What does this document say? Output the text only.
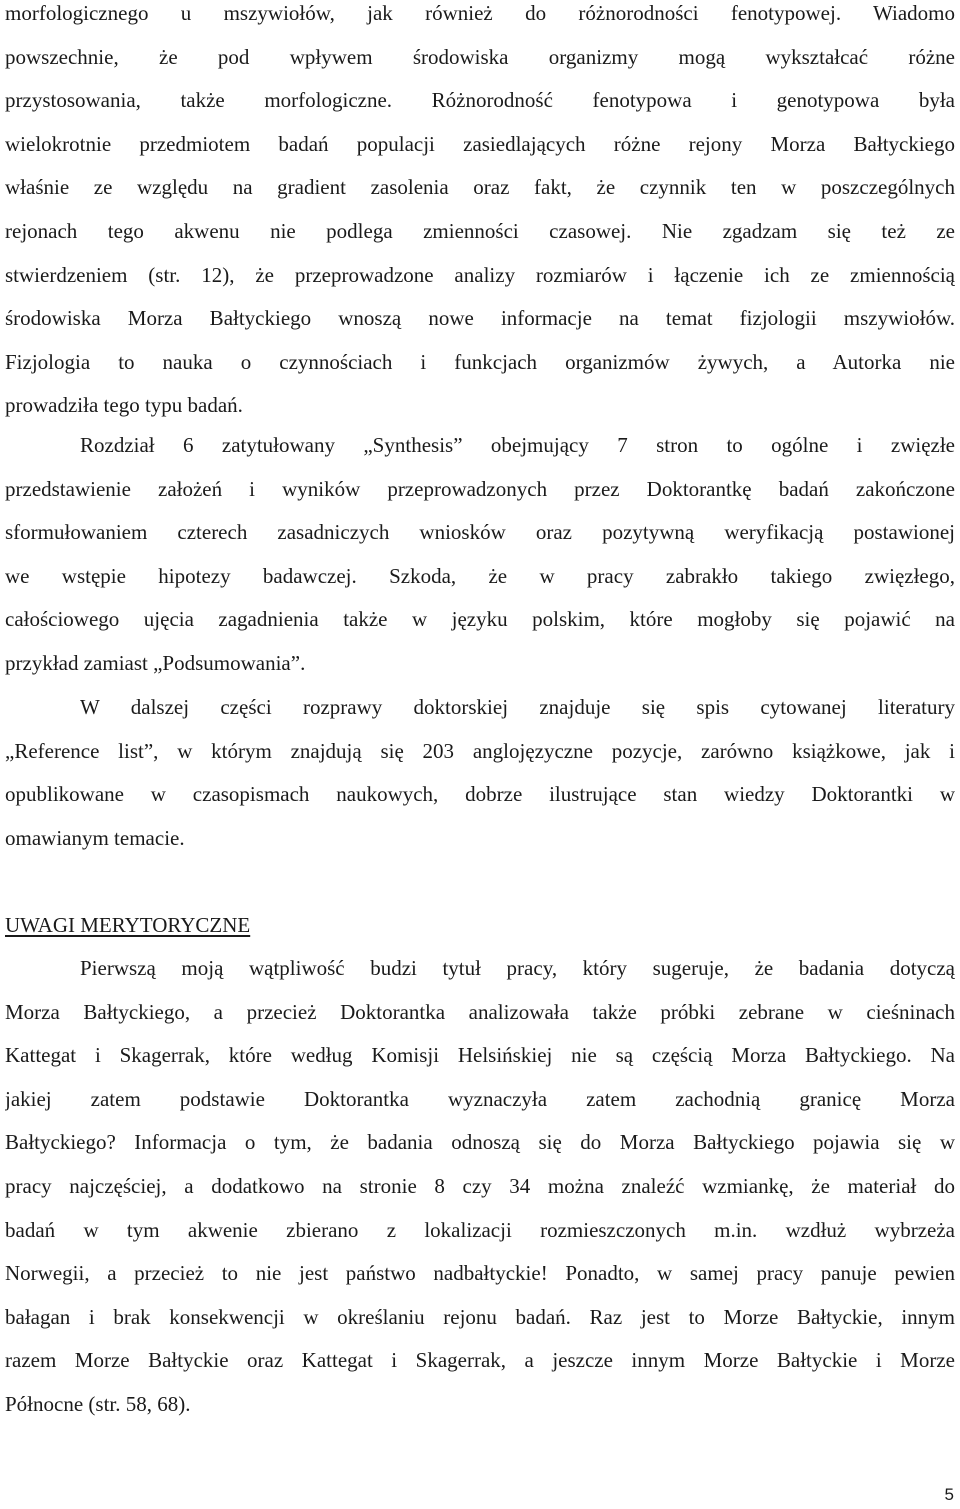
morfologicznego u mszywiołów, jak również do różnorodności fenotypowej. Wiadomo
powszechnie, że pod wpływem środowiska organizmy mogą wykształcać różne
przystosowania, także morfologiczne. Różnorodność fenotypowa i genotypowa była
wielokrotnie przedmiotem badań populacji zasiedlających różne rejony Morza Bałtyckiego
właśnie ze względu na gradient zasolenia oraz fakt, że czynnik ten w poszczególnych
rejonach tego akwenu nie podlega zmienności czasowej. Nie zgadzam się też ze
stwierdzeniem (str. 12), że przeprowadzone analizy rozmiarów i łączenie ich ze zmiennością
środowiska Morza Bałtyckiego wnoszą nowe informacje na temat fizjologii mszywiołów.
Fizjologia to nauka o czynnościach i funkcjach organizmów żywych, a Autorka nie
prowadziła tego typu badań.
Rozdział 6 zatytułowany „Synthesis” obejmujący 7 stron to ogólne i zwięzłe
przedstawienie założeń i wyników przeprowadzonych przez Doktorantkę badań zakończone
sformułowaniem czterech zasadniczych wniosków oraz pozytywną weryfikacją postawionej
we wstępie hipotezy badawczej. Szkoda, że w pracy zabrakło takiego zwięzłego,
całościowego ujęcia zagadnienia także w języku polskim, które mogłoby się pojawić na
przykład zamiast „Podsumowania”.
W dalszej części rozprawy doktorskiej znajduje się spis cytowanej literatury
„Reference list”, w którym znajdują się 203 anglojęzyczne pozycje, zarówno książkowe, jak i
opublikowane w czasopismach naukowych, dobrze ilustrujące stan wiedzy Doktorantki w
omawianym temacie.
UWAGI MERYTORYCZNE
Pierwszą moją wątpliwość budzi tytuł pracy, który sugeruje, że badania dotyczą
Morza Bałtyckiego, a przecież Doktorantka analizowała także próbki zebrane w cieśninach
Kattegat i Skagerrak, które według Komisji Helsińskiej nie są częścią Morza Bałtyckiego. Na
jakiej zatem podstawie Doktorantka wyznaczyła zatem zachodnią granicę Morza
Bałtyckiego? Informacja o tym, że badania odnoszą się do Morza Bałtyckiego pojawia się w
pracy najczęściej, a dodatkowo na stronie 8 czy 34 można znaleźć wzmiankę, że materiał do
badań w tym akwenie zbierano z lokalizacji rozmieszczonych m.in. wzdłuż wybrzeża
Norwegii, a przecież to nie jest państwo nadbałtyckie! Ponadto, w samej pracy panuje pewien
bałagan i brak konsekwencji w określaniu rejonu badań. Raz jest to Morze Bałtyckie, innym
razem Morze Bałtyckie oraz Kattegat i Skagerrak, a jeszcze innym Morze Bałtyckie i Morze
Północne (str. 58, 68).
5
